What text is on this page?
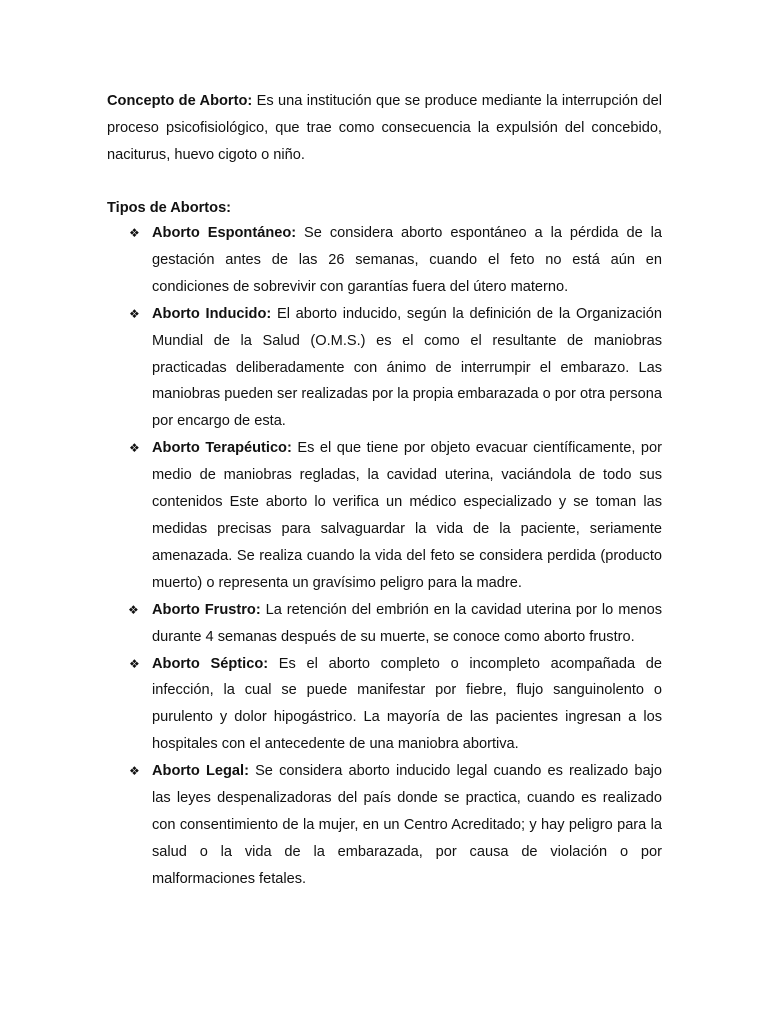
Concepto de Aborto: Es una institución que se produce mediante la interrupción del proceso psicofisiológico, que trae como consecuencia la expulsión del concebido, naciturus, huevo cigoto o niño.

Tipos de Abortos:

❖ Aborto Espontáneo: Se considera aborto espontáneo a la pérdida de la gestación antes de las 26 semanas, cuando el feto no está aún en condiciones de sobrevivir con garantías fuera del útero materno.
❖ Aborto Inducido: El aborto inducido, según la definición de la Organización Mundial de la Salud (O.M.S.) es el como el resultante de maniobras practicadas deliberadamente con ánimo de interrumpir el embarazo. Las maniobras pueden ser realizadas por la propia embarazada o por otra persona por encargo de esta.
❖ Aborto Terapéutico: Es el que tiene por objeto evacuar científicamente, por medio de maniobras regladas, la cavidad uterina, vaciándola de todo sus contenidos Este aborto lo verifica un médico especializado y se toman las medidas precisas para salvaguardar la vida de la paciente, seriamente amenazada. Se realiza cuando la vida del feto se considera perdida (producto muerto) o representa un gravísimo peligro para la madre.
❖ Aborto Frustro: La retención del embrión en la cavidad uterina por lo menos durante 4 semanas después de su muerte, se conoce como aborto frustro.
❖ Aborto Séptico: Es el aborto completo o incompleto acompañada de infección, la cual se puede manifestar por fiebre, flujo sanguinolento o purulento y dolor hipogástrico. La mayoría de las pacientes ingresan a los hospitales con el antecedente de una maniobra abortiva.
❖ Aborto Legal: Se considera aborto inducido legal cuando es realizado bajo las leyes despenalizadoras del país donde se practica, cuando es realizado con consentimiento de la mujer, en un Centro Acreditado; y hay peligro para la salud o la vida de la embarazada, por causa de violación o por malformaciones fetales.
